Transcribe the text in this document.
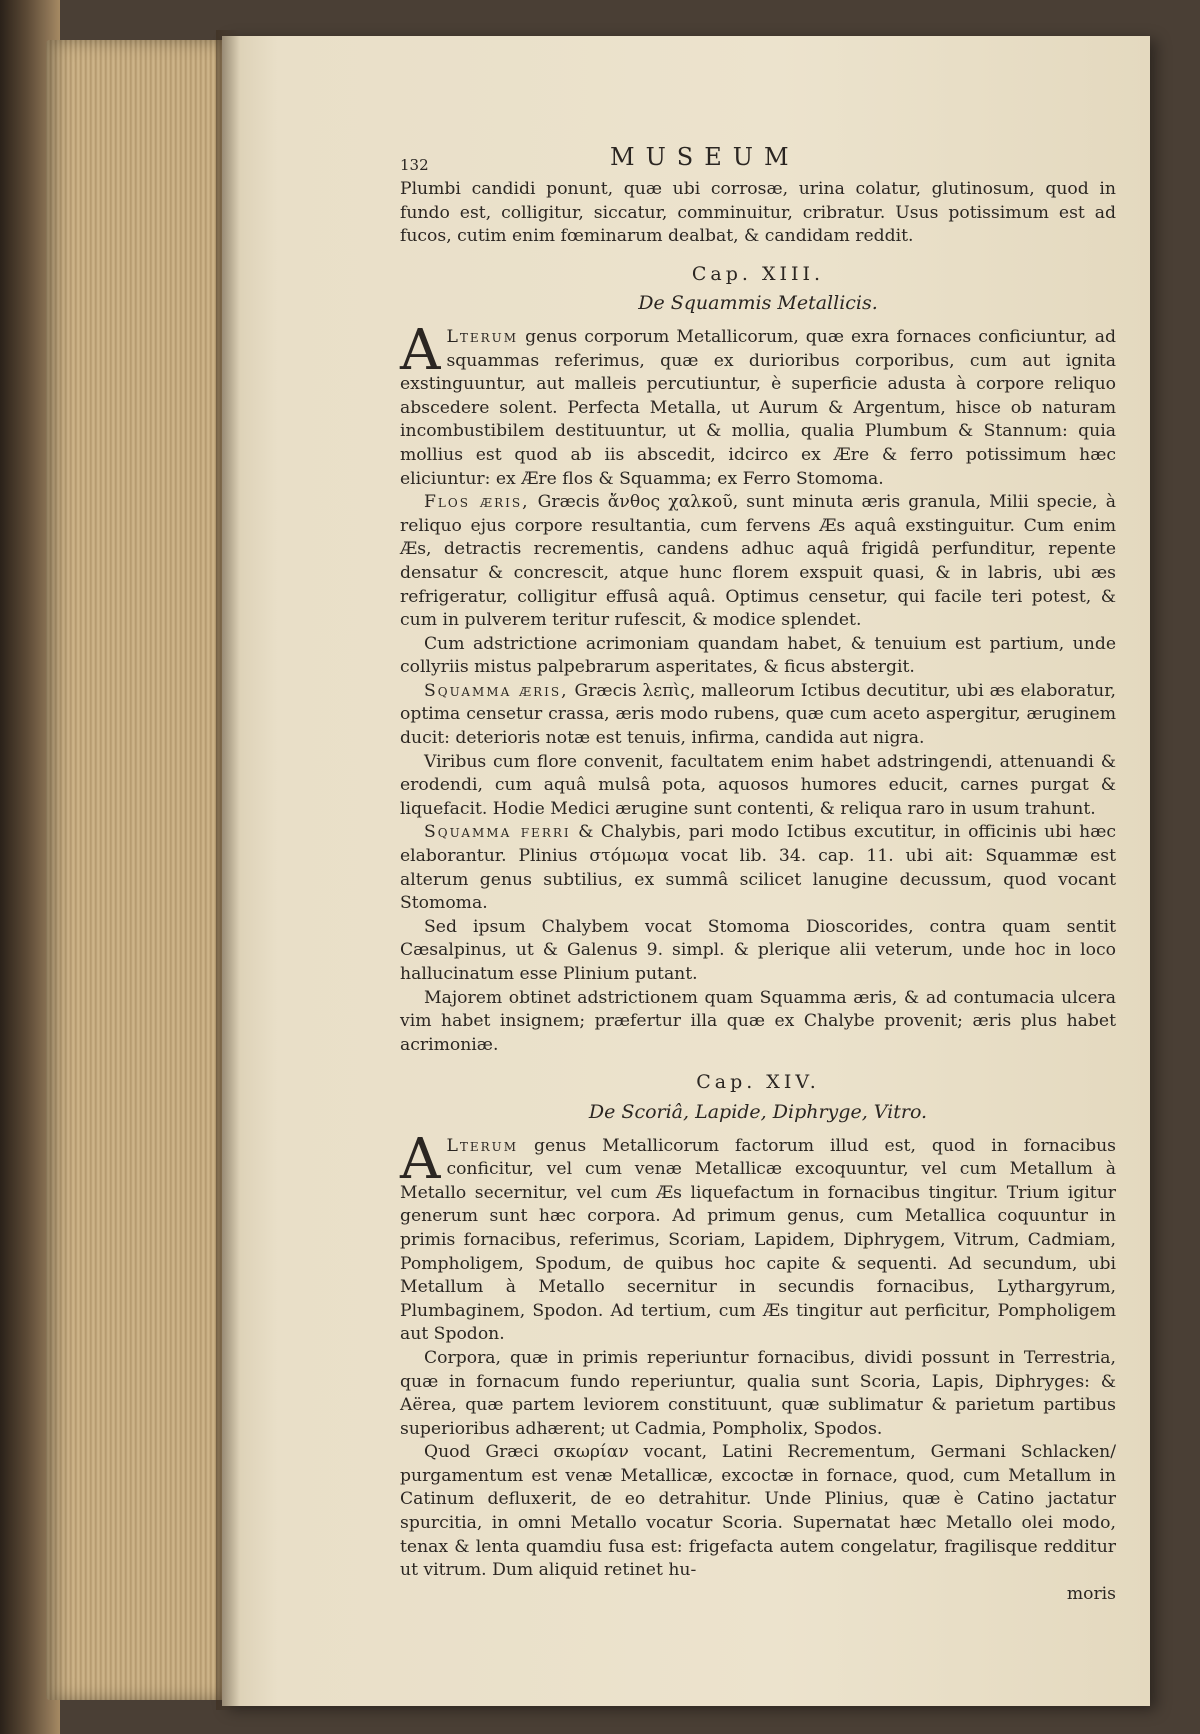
132	MUSEUM

Plumbi candidi ponunt, quæ ubi corrosæ, urina colatur, glutinosum, quod in fundo est, colligitur, siccatur, comminuitur, cribratur. Usus potissimum est ad fucos, cutim enim fœminarum dealbat, & candidam reddit.

Cap. XIII.
De Squammis Metallicis.

A Lterum genus corporum Metallicorum, quæ exra fornaces conficiuntur, ad squammas referimus, quæ ex durioribus corporibus, cum aut ignita exstinguuntur, aut malleis percutiuntur, è superficie adusta à corpore reliquo abscedere solent. Perfecta Metalla, ut Aurum & Argentum, hisce ob naturam incombustibilem destituuntur, ut & mollia, qualia Plumbum & Stannum: quia mollius est quod ab iis abscedit, idcirco ex Ære & ferro potissimum hæc eliciuntur: ex Ære flos & Squamma; ex Ferro Stomoma.

Flos æris, Græcis ἄνθος χαλκοῦ, sunt minuta æris granula, Milii specie, à reliquo ejus corpore resultantia, cum fervens Æs aquâ exstinguitur. Cum enim Æs, detractis recrementis, candens adhuc aquâ frigidâ perfunditur, repente densatur & concrescit, atque hunc florem exspuit quasi, & in labris, ubi æs refrigeratur, colligitur effusâ aquâ. Optimus censetur, qui facile teri potest, & cum in pulverem teritur rufescit, & modice splendet.

Cum adstrictione acrimoniam quandam habet, & tenuium est partium, unde collyriis mistus palpebrarum asperitates, & ficus abstergit.

Squamma æris, Græcis λεπὶς, malleorum Ictibus decutitur, ubi æs elaboratur, optima censetur crassa, æris modo rubens, quæ cum aceto aspergitur, æruginem ducit: deterioris notæ est tenuis, infirma, candida aut nigra.

Viribus cum flore convenit, facultatem enim habet adstringendi, attenuandi & erodendi, cum aquâ mulsâ pota, aquosos humores educit, carnes purgat & liquefacit. Hodie Medici ærugine sunt contenti, & reliqua raro in usum trahunt.

Squamma ferri & Chalybis, pari modo Ictibus excutitur, in officinis ubi hæc elaborantur. Plinius στόμωμα vocat lib. 34. cap. 11. ubi ait: Squammæ est alterum genus subtilius, ex summâ scilicet lanugine decussum, quod vocant Stomoma.

Sed ipsum Chalybem vocat Stomoma Dioscorides, contra quam sentit Cæsalpinus, ut & Galenus 9. simpl. & plerique alii veterum, unde hoc in loco hallucinatum esse Plinium putant.

Majorem obtinet adstrictionem quam Squamma æris, & ad contumacia ulcera vim habet insignem; præfertur illa quæ ex Chalybe provenit; æris plus habet acrimoniæ.

Cap. XIV.
De Scoriâ, Lapide, Diphryge, Vitro.

A Lterum genus Metallicorum factorum illud est, quod in fornacibus conficitur, vel cum venæ Metallicæ excoquuntur, vel cum Metallum à Metallo secernitur, vel cum Æs liquefactum in fornacibus tingitur. Trium igitur generum sunt hæc corpora. Ad primum genus, cum Metallica coquuntur in primis fornacibus, referimus, Scoriam, Lapidem, Diphrygem, Vitrum, Cadmiam, Pompholigem, Spodum, de quibus hoc capite & sequenti. Ad secundum, ubi Metallum à Metallo secernitur in secundis fornacibus, Lythargyrum, Plumbaginem, Spodon. Ad tertium, cum Æs tingitur aut perficitur, Pompholigem aut Spodon.

Corpora, quæ in primis reperiuntur fornacibus, dividi possunt in Terrestria, quæ in fornacum fundo reperiuntur, qualia sunt Scoria, Lapis, Diphryges: & Aërea, quæ partem leviorem constituunt, quæ sublimatur & parietum partibus superioribus adhærent; ut Cadmia, Pompholix, Spodos.

Quod Græci σκωρίαν vocant, Latini Recrementum, Germani Schlacken/ purgamentum est venæ Metallicæ, excoctæ in fornace, quod, cum Metallum in Catinum defluxerit, de eo detrahitur. Unde Plinius, quæ è Catino jactatur spurcitia, in omni Metallo vocatur Scoria. Supernatat hæc Metallo olei modo, tenax & lenta quamdiu fusa est: frigefacta autem congelatur, fragilisque redditur ut vitrum. Dum aliquid retinet hu-

moris
